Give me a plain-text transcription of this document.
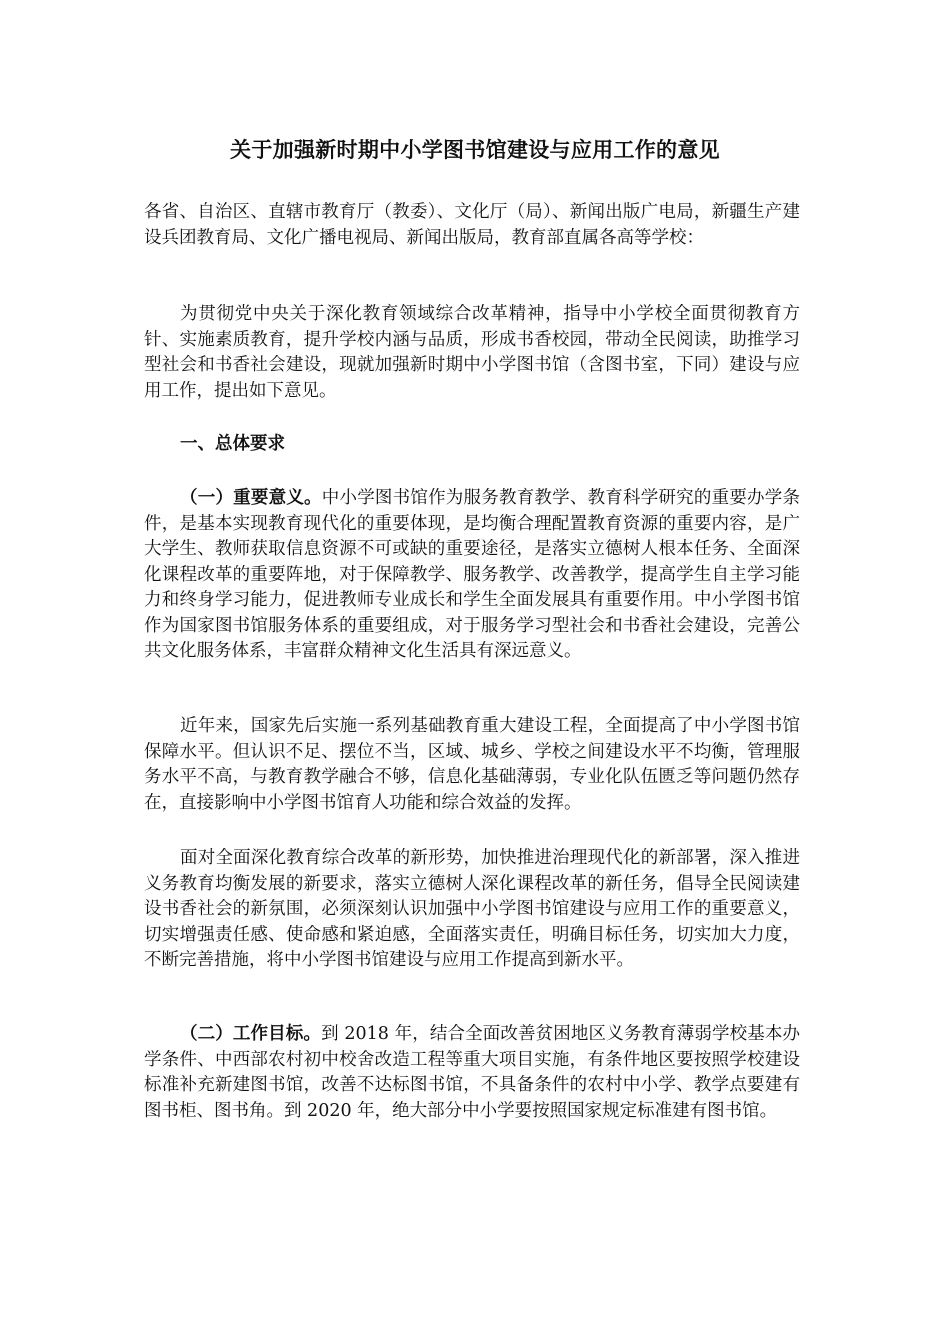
关于加强新时期中小学图书馆建设与应用工作的意见

各省、自治区、直辖市教育厅（教委）、文化厅（局）、新闻出版广电局，新疆生产建设兵团教育局、文化广播电视局、新闻出版局，教育部直属各高等学校：

为贯彻党中央关于深化教育领域综合改革精神，指导中小学校全面贯彻教育方针、实施素质教育，提升学校内涵与品质，形成书香校园，带动全民阅读，助推学习型社会和书香社会建设，现就加强新时期中小学图书馆（含图书室，下同）建设与应用工作，提出如下意见。

一、总体要求

（一）重要意义。中小学图书馆作为服务教育教学、教育科学研究的重要办学条件，是基本实现教育现代化的重要体现，是均衡合理配置教育资源的重要内容，是广大学生、教师获取信息资源不可或缺的重要途径，是落实立德树人根本任务、全面深化课程改革的重要阵地，对于保障教学、服务教学、改善教学，提高学生自主学习能力和终身学习能力，促进教师专业成长和学生全面发展具有重要作用。中小学图书馆作为国家图书馆服务体系的重要组成，对于服务学习型社会和书香社会建设，完善公共文化服务体系，丰富群众精神文化生活具有深远意义。

近年来，国家先后实施一系列基础教育重大建设工程，全面提高了中小学图书馆保障水平。但认识不足、摆位不当，区域、城乡、学校之间建设水平不均衡，管理服务水平不高，与教育教学融合不够，信息化基础薄弱，专业化队伍匮乏等问题仍然存在，直接影响中小学图书馆育人功能和综合效益的发挥。

面对全面深化教育综合改革的新形势，加快推进治理现代化的新部署，深入推进义务教育均衡发展的新要求，落实立德树人深化课程改革的新任务，倡导全民阅读建设书香社会的新氛围，必须深刻认识加强中小学图书馆建设与应用工作的重要意义，切实增强责任感、使命感和紧迫感，全面落实责任，明确目标任务，切实加大力度，不断完善措施，将中小学图书馆建设与应用工作提高到新水平。

（二）工作目标。到 2018 年，结合全面改善贫困地区义务教育薄弱学校基本办学条件、中西部农村初中校舍改造工程等重大项目实施，有条件地区要按照学校建设标准补充新建图书馆，改善不达标图书馆，不具备条件的农村中小学、教学点要建有图书柜、图书角。到 2020 年，绝大部分中小学要按照国家规定标准建有图书馆。
